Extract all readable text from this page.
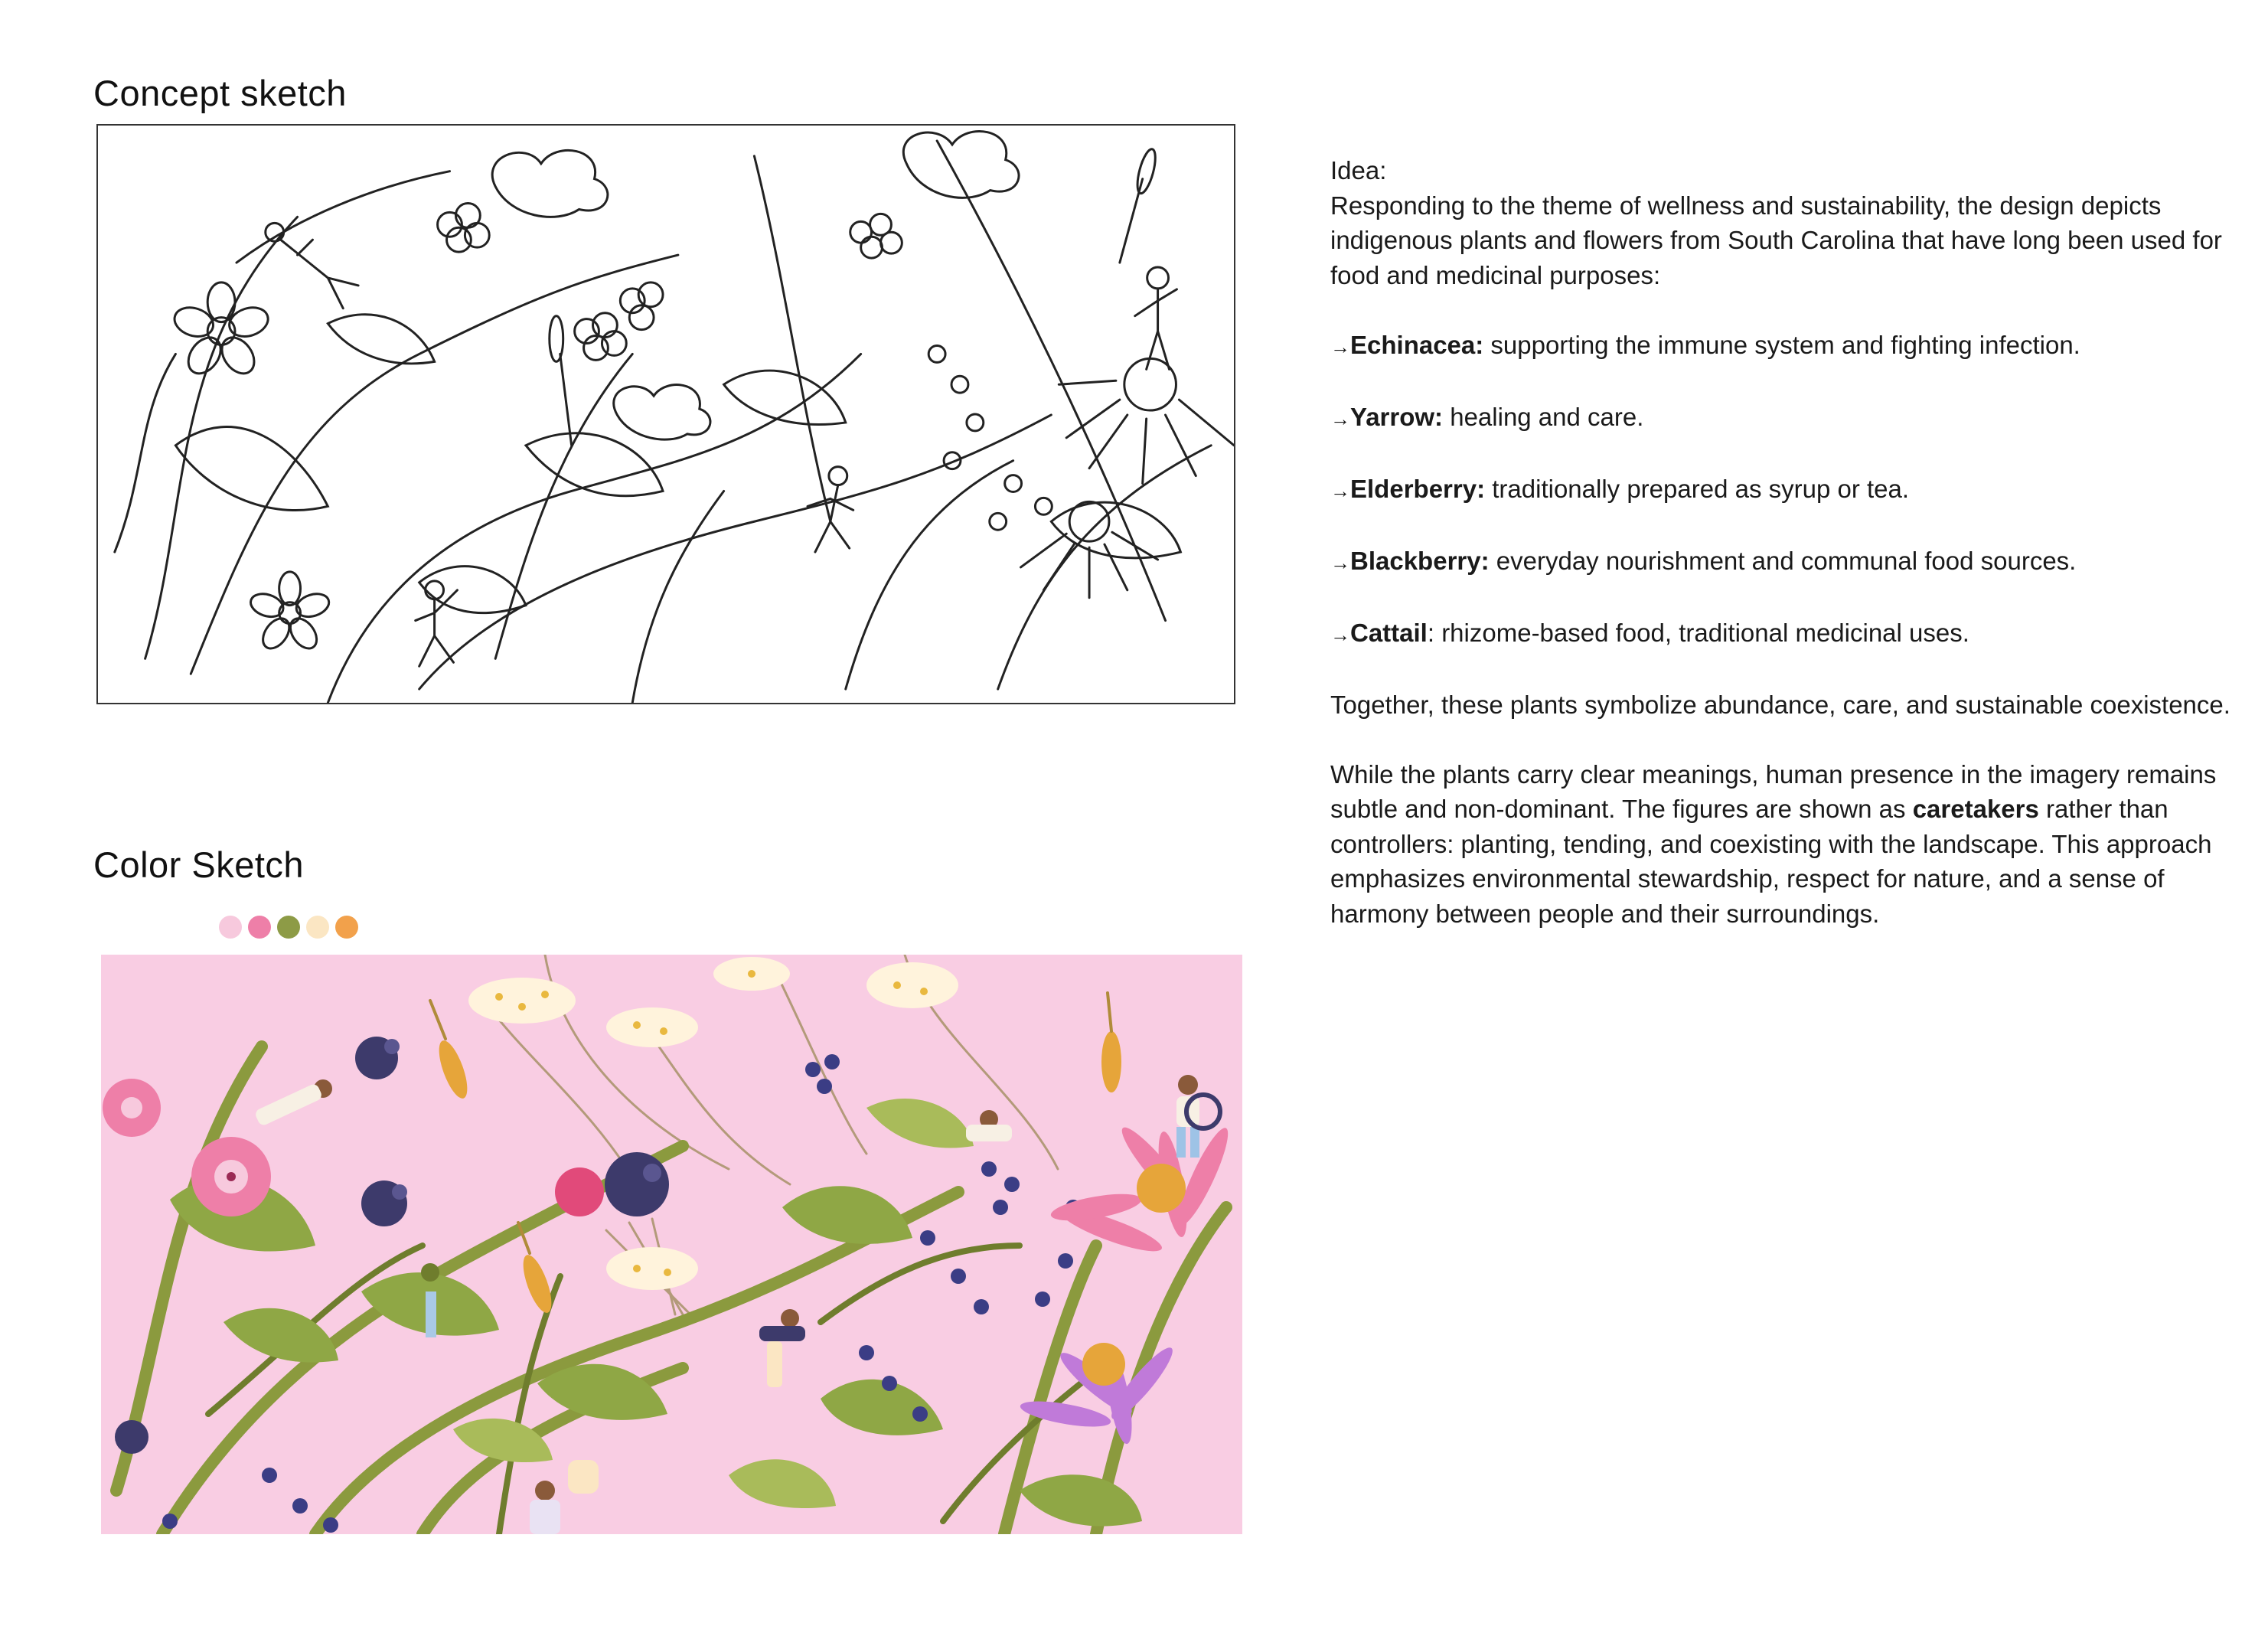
Concept sketch
Color Sketch

Idea:

Responding to the theme of wellness and sustainability, the design depicts indigenous plants and flowers from South Carolina that have long been used for food and medicinal purposes:

→Echinacea: supporting the immune system and fighting infection.

→Yarrow: healing and care.

→Elderberry: traditionally prepared as syrup or tea.

→Blackberry: everyday nourishment and communal food sources.

→Cattail: rhizome-based food, traditional medicinal uses.

Together, these plants symbolize abundance, care, and sustainable coexistence.

While the plants carry clear meanings, human presence in the imagery remains subtle and non-dominant. The figures are shown as caretakers rather than controllers: planting, tending, and coexisting with the landscape. This approach emphasizes environmental stewardship, respect for nature, and a sense of harmony between people and their surroundings.
